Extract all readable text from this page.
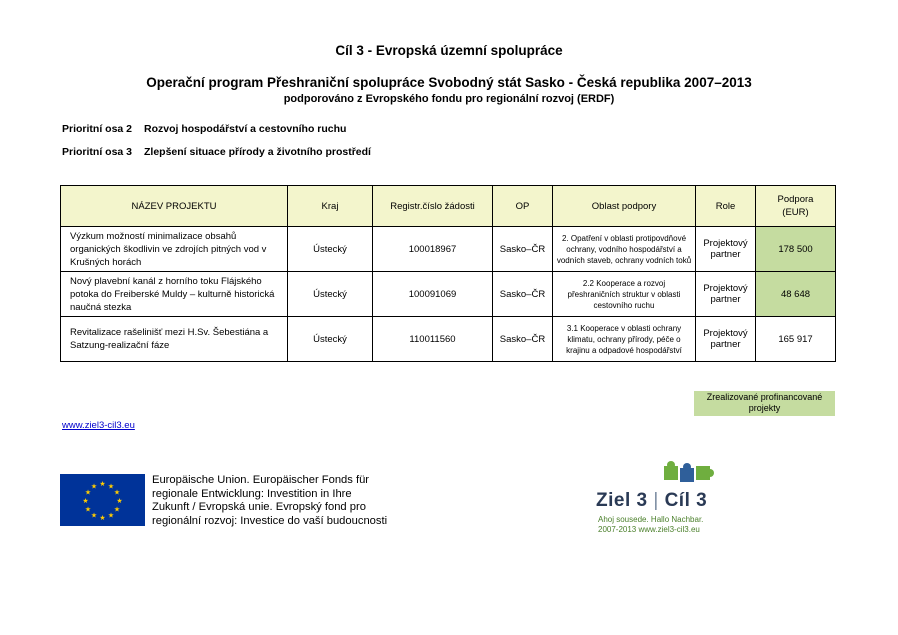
Cíl 3 - Evropská územní spolupráce
Operační program Přeshraniční spolupráce Svobodný stát Sasko - Česká republika 2007–2013
podporováno z Evropského fondu pro regionální rozvoj (ERDF)
Prioritní osa 2 Rozvoj hospodářství a cestovního ruchu
Prioritní osa 3 Zlepšení situace přírody a životního prostředí
NÁZEV PROJEKTU	Kraj	Registr.číslo žádosti	OP	Oblast podpory	Role	Podpora
(EUR)
Výzkum možností minimalizace obsahů organických škodlivin ve zdrojích pitných vod v Krušných horách	Ústecký	100018967	Sasko–ČR	2. Opatření v oblasti protipovdňové ochrany, vodního hospodářství a vodních staveb, ochrany vodních toků	Projektový partner	178 500
Nový plavební kanál z horního toku Flájského potoka do Freiberské Muldy – kulturně historická naučná stezka	Ústecký	100091069	Sasko–ČR	2.2 Kooperace a rozvoj přeshraničních struktur v oblasti cestovního ruchu	Projektový partner	48 648
Revitalizace rašelinišť mezi H.Sv. Šebestiána a Satzung-realizační fáze	Ústecký	110011560	Sasko–ČR	3.1 Kooperace v oblasti ochrany klimatu, ochrany přírody, péče o krajinu a odpadové hospodářství	Projektový partner	165 917
Zrealizované profinancované projekty
www.ziel3-cil3.eu
★ ★
★
★
★
★
★
★
★
★
★
★
Europäische Union. Europäischer Fonds für
regionale Entwicklung: Investition in Ihre
Zukunft / Evropská unie. Evropský fond pro
regionální rozvoj: Investice do vaší budoucnosti
Ziel 3 | Cíl 3
Ahoj sousede. Hallo Nachbar.
2007-2013 www.ziel3-cil3.eu
